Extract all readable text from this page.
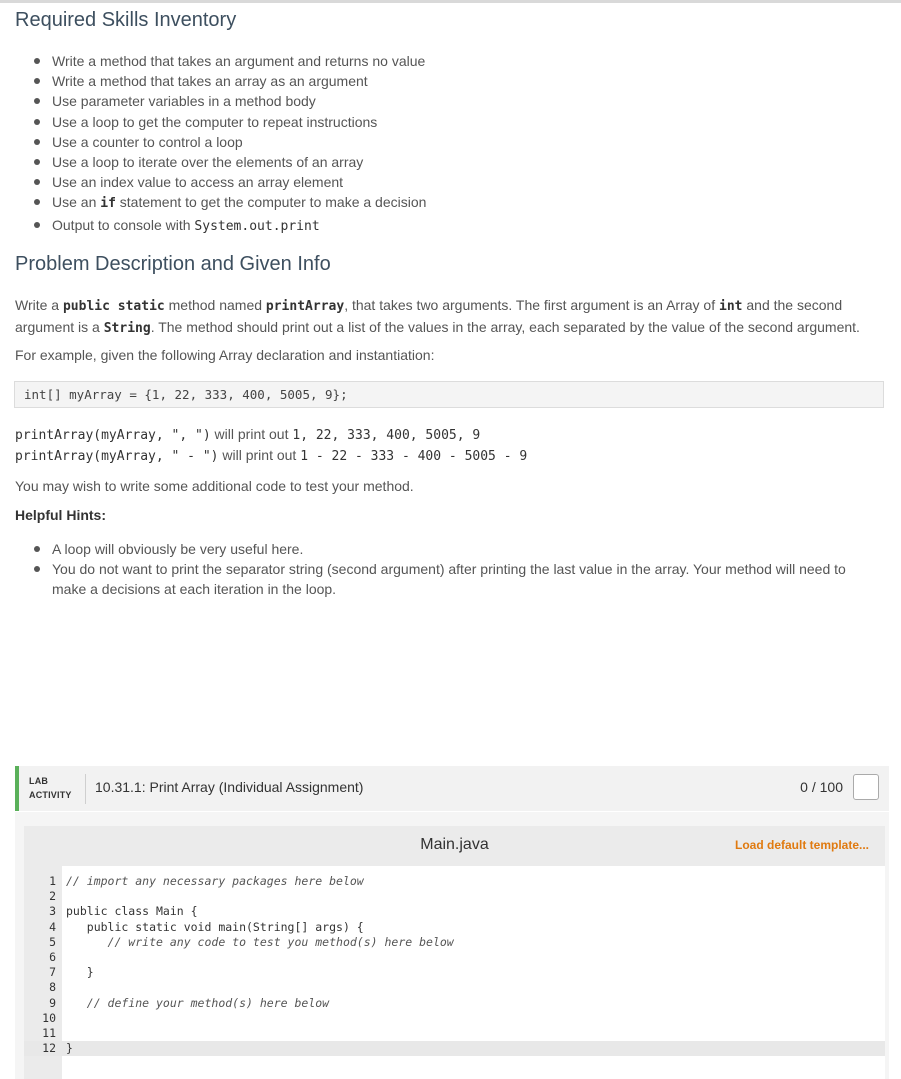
Required Skills Inventory
Write a method that takes an argument and returns no value
Write a method that takes an array as an argument
Use parameter variables in a method body
Use a loop to get the computer to repeat instructions
Use a counter to control a loop
Use a loop to iterate over the elements of an array
Use an index value to access an array element
Use an if statement to get the computer to make a decision
Output to console with System.out.print
Problem Description and Given Info

Write a public static method named printArray, that takes two arguments. The first argument is an Array of int and the second
argument is a String. The method should print out a list of the values in the array, each separated by the value of the second argument.

For example, given the following Array declaration and instantiation:

int[] myArray = {1, 22, 333, 400, 5005, 9};

printArray(myArray, ", ") will print out 1, 22, 333, 400, 5005, 9

printArray(myArray, " - ") will print out 1 - 22 - 333 - 400 - 5005 - 9

You may wish to write some additional code to test your method.

Helpful Hints:

A loop will obviously be very useful here.
You do not want to print the separator string (second argument) after printing the last value in the array. Your method will need to
make a decisions at each iteration in the loop.
LAB
ACTIVITY 10.31.1: Print Array (Individual Assignment)	0 / 100
Main.java	Load default template...
1 // import any necessary packages here below
2
3 public class Main {
4 public static void main(String[] args) {
5 // write any code to test you method(s) here below
6
7 }
8
9 // define your method(s) here below
10
11
12 }
